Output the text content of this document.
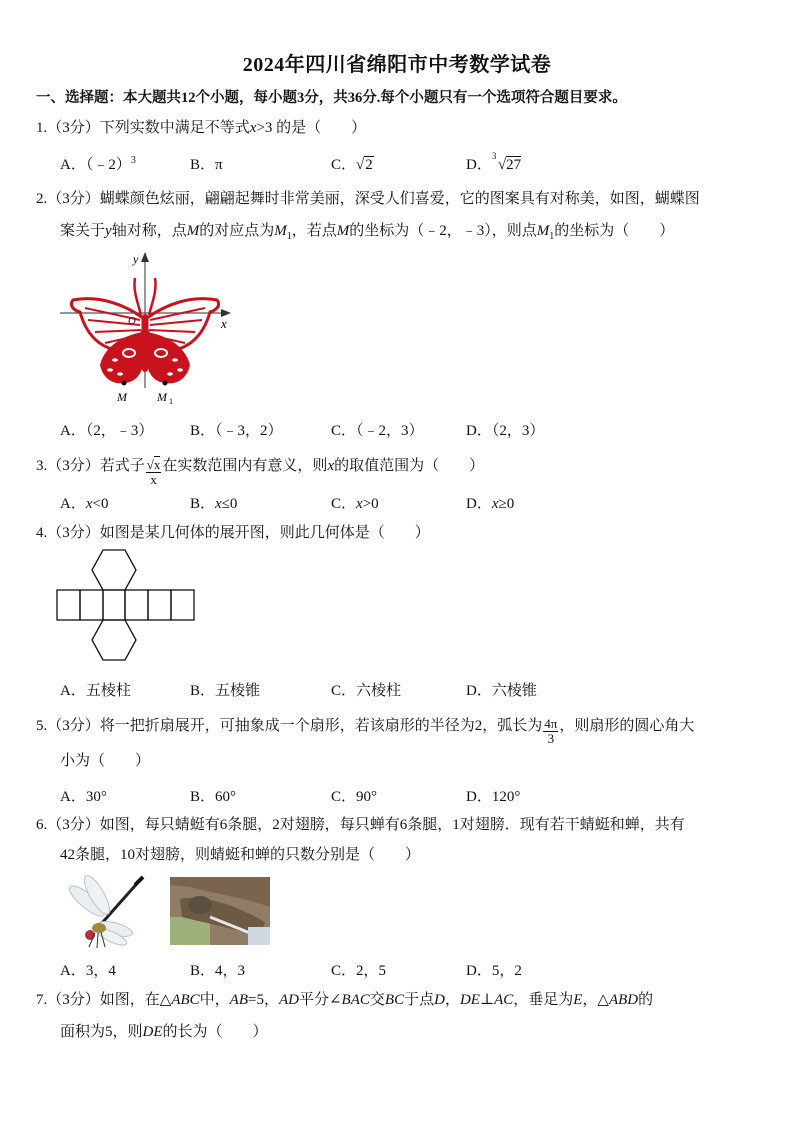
2024年四川省绵阳市中考数学试卷
一、选择题：本大题共12个小题，每小题3分，共36分.每个小题只有一个选项符合题目要求。
1.（3分）下列实数中满足不等式x>3 的是（　　）
A．（﹣2）$^3$	B．π	C．√2	D．
3
√27
2.（3分）蝴蝶颜色炫丽，翩翩起舞时非常美丽，深受人们喜爱，它的图案具有对称美，如图，蝴蝶图
案关于y轴对称，点M的对应点为$M_1$，若点M的坐标为（﹣2，﹣3），则点$M_1$的坐标为（　　）
y
x
O
M	M 1
A．（2，﹣3） B．（﹣3，2）	C．（﹣2，3）	D．（2，3）
3.（3分）若式子 $\frac{√x}{x}$ 在实数范围内有意义，则x的取值范围为（　　）
A．x<0	B．x≤0	C．x>0	D．x≥0
4.（3分）如图是某几何体的展开图，则此几何体是（　　）
A．五棱柱	B．五棱锥	C．六棱柱	D．六棱锥
5.（3分）将一把折扇展开，可抽象成一个扇形，若该扇形的半径为2，弧长为 $\frac{4\pi}{3}$ ，则扇形的圆心角大
小为（　　）
A．30°	B．60°	C．90°	D．120°
6.（3分）如图，每只蜻蜓有6条腿，2对翅膀，每只蝉有6条腿，1对翅膀．现有若干蜻蜓和蝉，共有
42条腿，10对翅膀，则蜻蜓和蝉的只数分别是（　　）
A．3，4	B．4，3	C．2，5	D．5，2
7.（3分）如图，在△ABC中，AB=5，AD平分∠BAC交BC于点D，DE⊥AC，垂足为E，△ABD的
面积为5，则DE的长为（　　）
